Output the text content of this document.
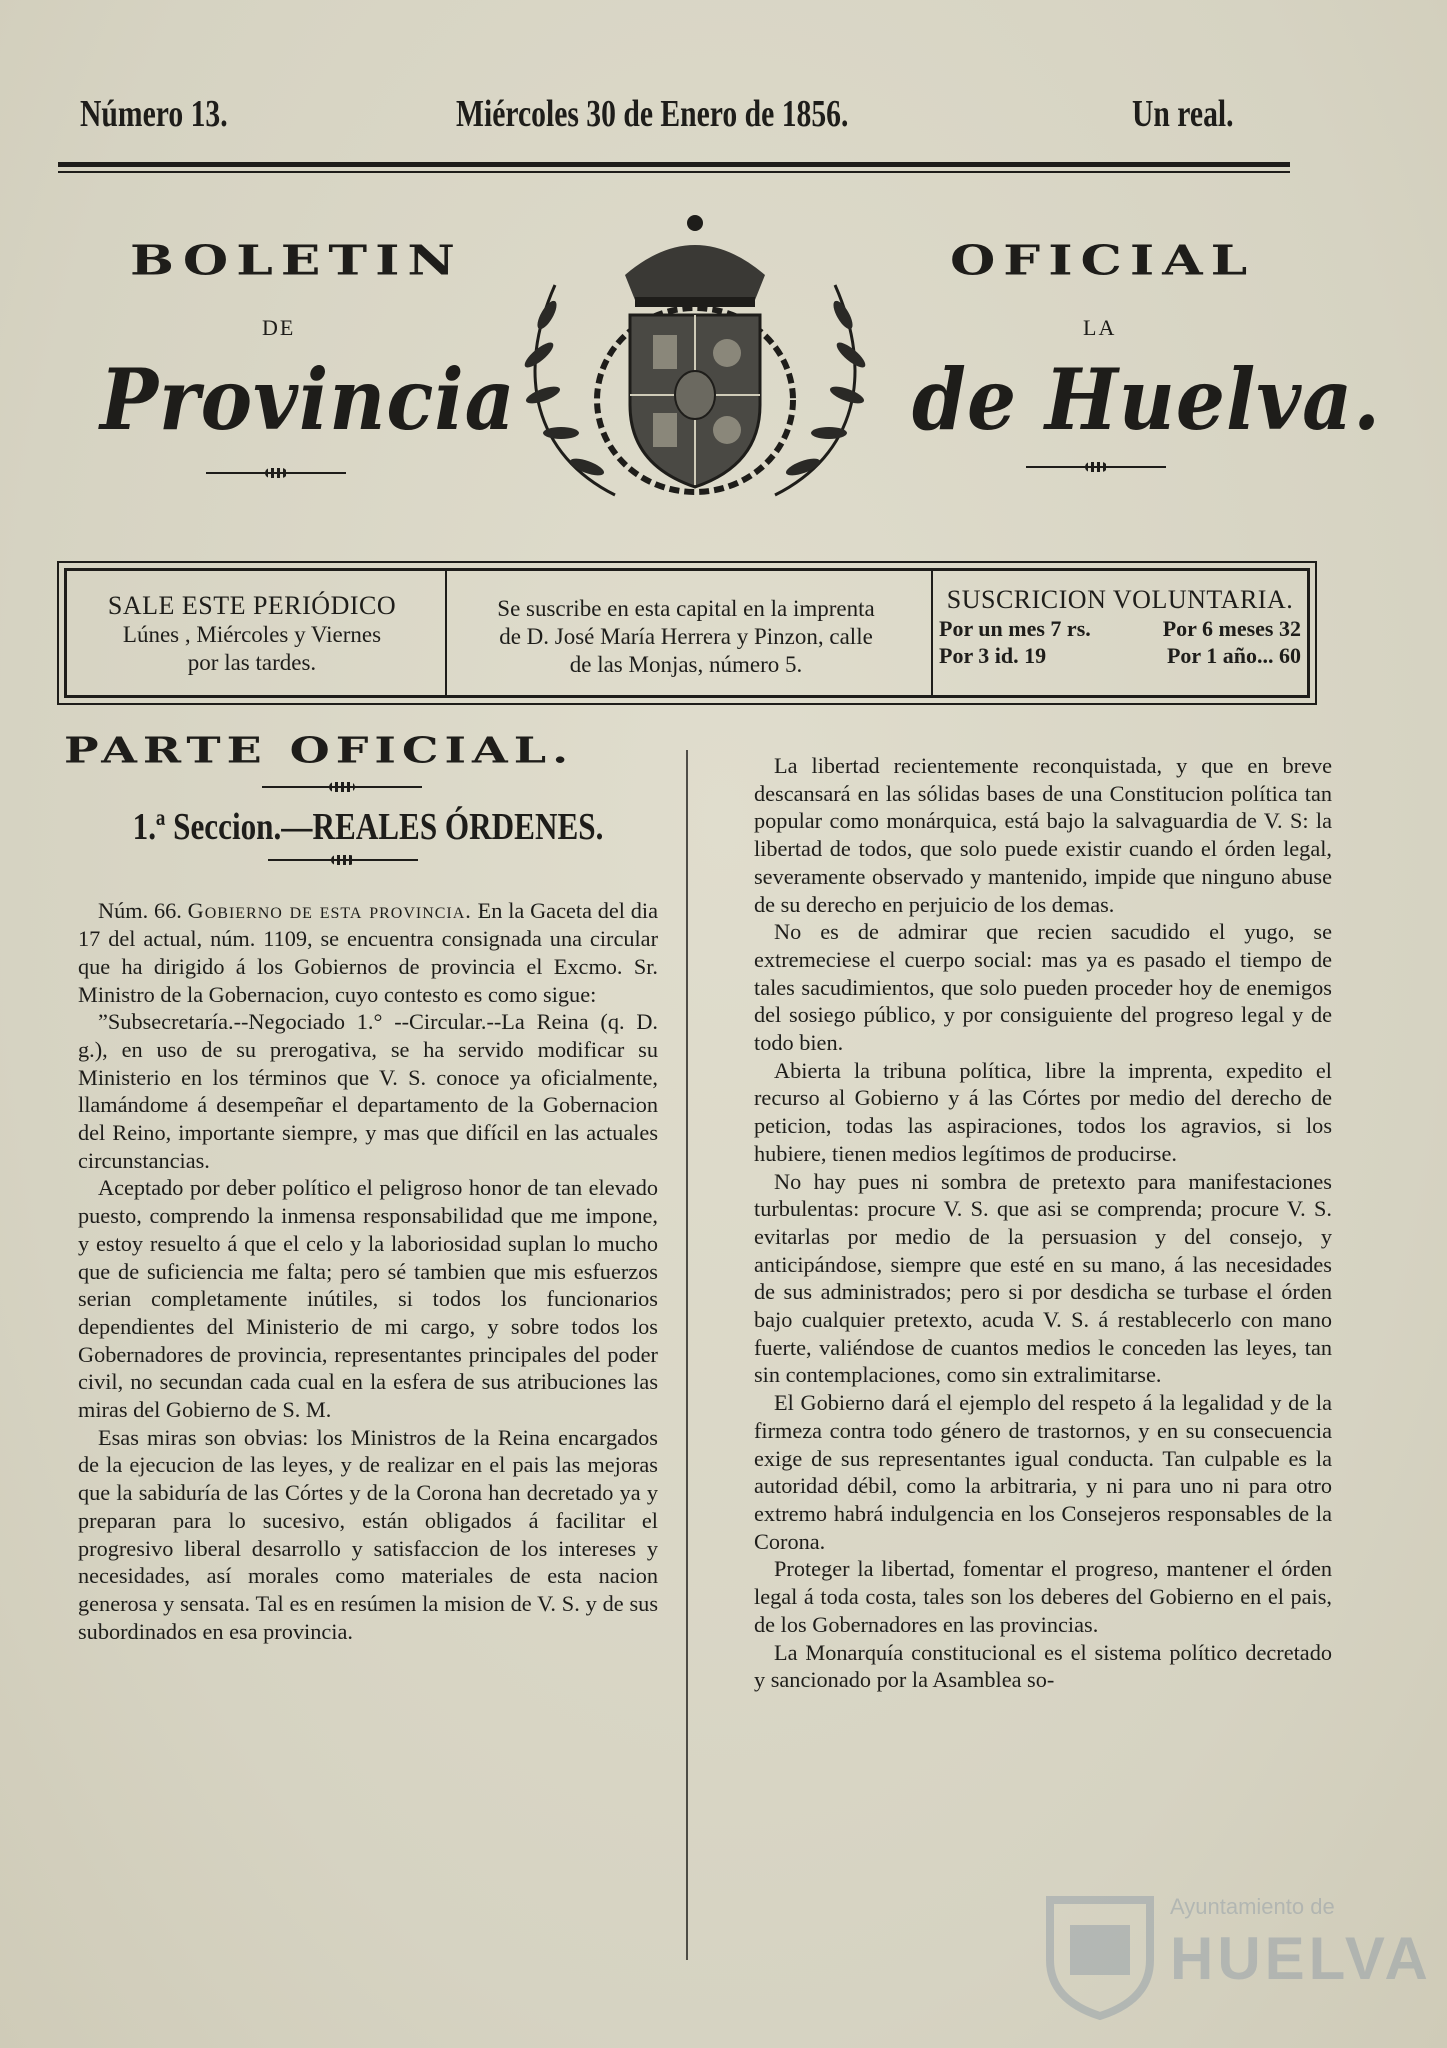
Número 13.	Miércoles 30 de Enero de 1856.	Un real.
BOLETIN	OFICIAL
DE	LA
Provincia	de Huelva.

SALE ESTE PERIÓDICO

Lúnes , Miércoles y Viernes

por las tardes.

Se suscribe en esta capital en la imprenta

de D. José María Herrera y Pinzon, calle

de las Monjas, número 5.

SUSCRICION VOLUNTARIA.

Por un mes 7 rs.	Por 6 meses 32
Por 3 id. 19	Por 1 año... 60
PARTE OFICIAL.
1.ª Seccion.—REALES ÓRDENES.

Núm. 66. Gobierno de esta provincia. En la Gaceta del dia 17 del actual, núm. 1109, se encuentra consignada una circular que ha dirigido á los Gobiernos de provincia el Excmo. Sr. Ministro de la Gobernacion, cuyo contesto es como sigue:

”Subsecretaría.--Negociado 1.° --Circular.--La Reina (q. D. g.), en uso de su prerogativa, se ha servido modificar su Ministerio en los términos que V. S. conoce ya oficialmente, llamándome á desempeñar el departamento de la Gobernacion del Reino, importante siempre, y mas que difícil en las actuales circunstancias.

Aceptado por deber político el peligroso honor de tan elevado puesto, comprendo la inmensa responsabilidad que me impone, y estoy resuelto á que el celo y la laboriosidad suplan lo mucho que de suficiencia me falta; pero sé tambien que mis esfuerzos serian completamente inútiles, si todos los funcionarios dependientes del Ministerio de mi cargo, y sobre todos los Gobernadores de provincia, representantes principales del poder civil, no secundan cada cual en la esfera de sus atribuciones las miras del Gobierno de S. M.

Esas miras son obvias: los Ministros de la Reina encargados de la ejecucion de las leyes, y de realizar en el pais las mejoras que la sabiduría de las Córtes y de la Corona han decretado ya y preparan para lo sucesivo, están obligados á facilitar el progresivo liberal desarrollo y satisfaccion de los intereses y necesidades, así morales como materiales de esta nacion generosa y sensata. Tal es en resúmen la mision de V. S. y de sus subordinados en esa provincia.

La libertad recientemente reconquistada, y que en breve descansará en las sólidas bases de una Constitucion política tan popular como monárquica, está bajo la salvaguardia de V. S: la libertad de todos, que solo puede existir cuando el órden legal, severamente observado y mantenido, impide que ninguno abuse de su derecho en perjuicio de los demas.

No es de admirar que recien sacudido el yugo, se extremeciese el cuerpo social: mas ya es pasado el tiempo de tales sacudimientos, que solo pueden proceder hoy de enemigos del sosiego público, y por consiguiente del progreso legal y de todo bien.

Abierta la tribuna política, libre la imprenta, expedito el recurso al Gobierno y á las Córtes por medio del derecho de peticion, todas las aspiraciones, todos los agravios, si los hubiere, tienen medios legítimos de producirse.

No hay pues ni sombra de pretexto para manifestaciones turbulentas: procure V. S. que asi se comprenda; procure V. S. evitarlas por medio de la persuasion y del consejo, y anticipándose, siempre que esté en su mano, á las necesidades de sus administrados; pero si por desdicha se turbase el órden bajo cualquier pretexto, acuda V. S. á restablecerlo con mano fuerte, valiéndose de cuantos medios le conceden las leyes, tan sin contemplaciones, como sin extralimitarse.

El Gobierno dará el ejemplo del respeto á la legalidad y de la firmeza contra todo género de trastornos, y en su consecuencia exige de sus representantes igual conducta. Tan culpable es la autoridad débil, como la arbitraria, y ni para uno ni para otro extremo habrá indulgencia en los Consejeros responsables de la Corona.

Proteger la libertad, fomentar el progreso, mantener el órden legal á toda costa, tales son los deberes del Gobierno en el pais, de los Gobernadores en las provincias.

La Monarquía constitucional es el sistema político decretado y sancionado por la Asamblea so-

Ayuntamiento de
HUELVA
